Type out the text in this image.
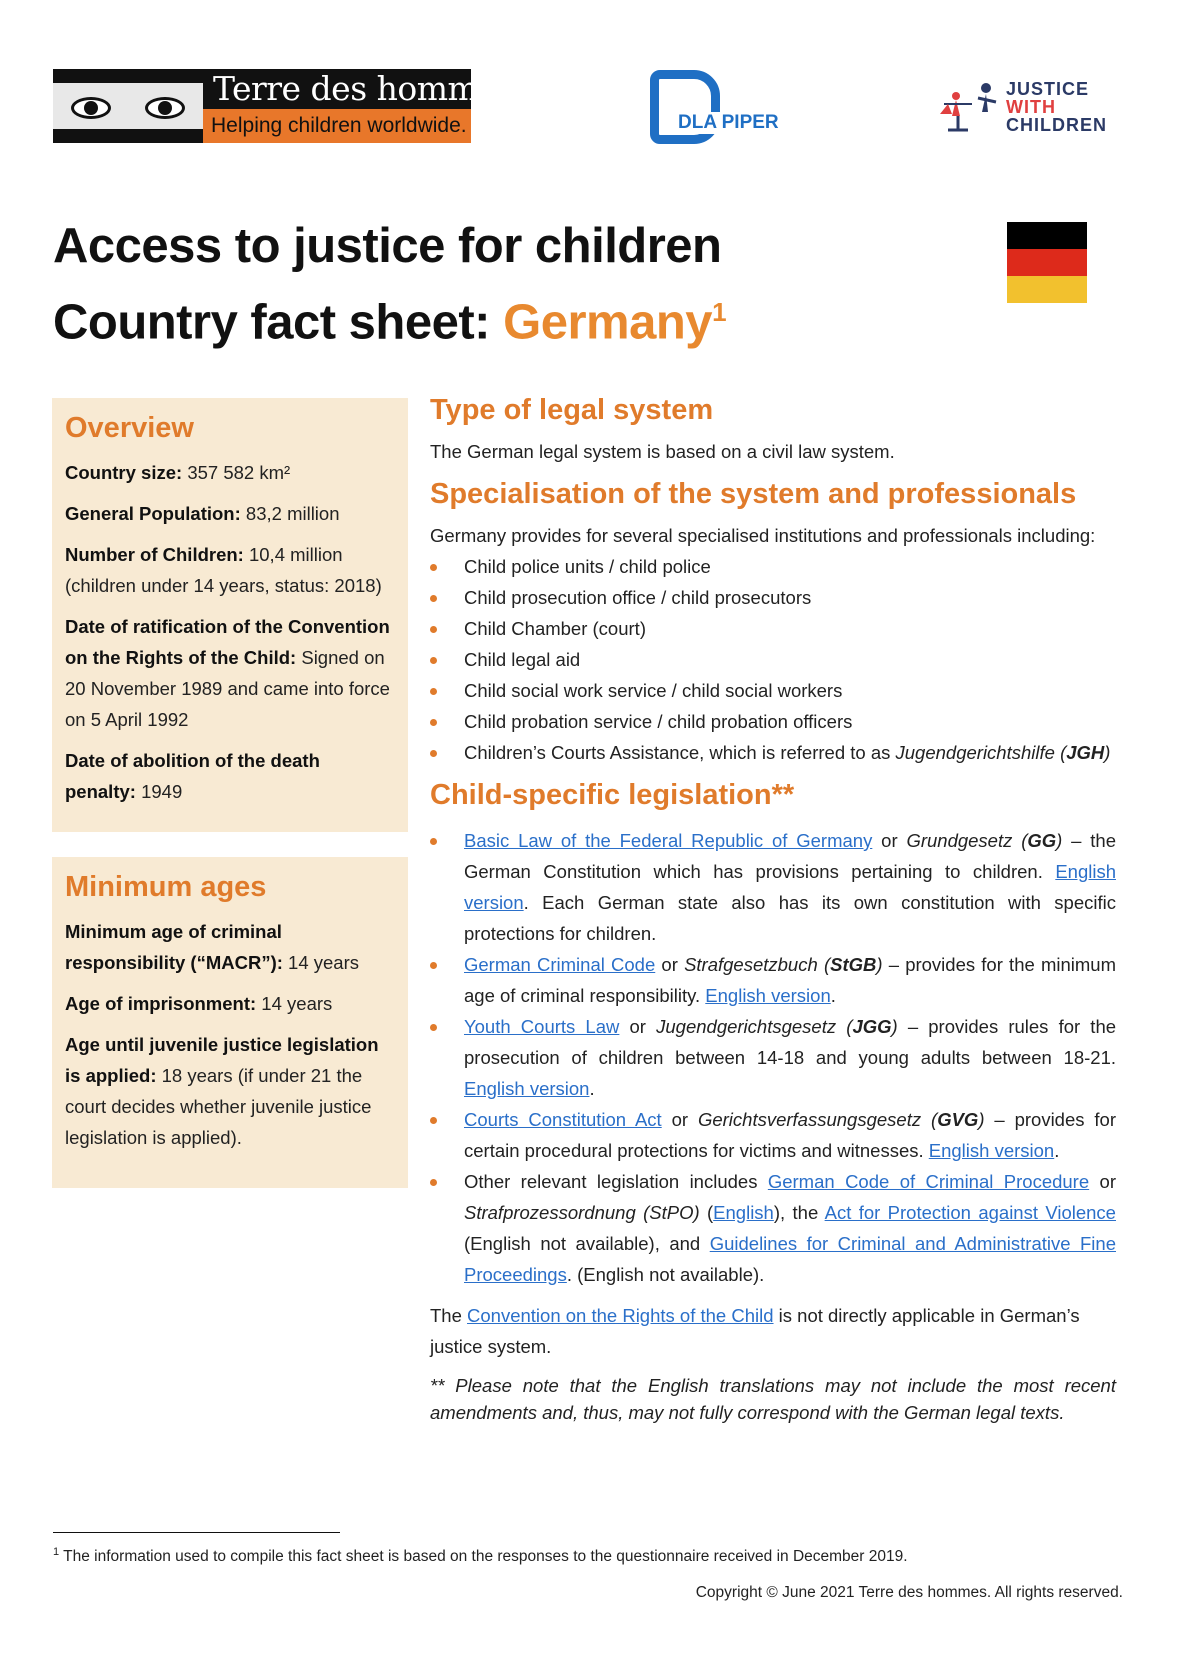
Terre des hommes
Helping children worldwide.	DLA PIPER
JUSTICE
WITH
CHILDREN
Access to justice for children
Country fact sheet: Germany$^1$
Overview

Country size: 357 582 km²

General Population: 83,2 million

Number of Children: 10,4 million (children under 14 years, status: 2018)

Date of ratification of the Convention on the Rights of the Child: Signed on 20 November 1989 and came into force on 5 April 1992

Date of abolition of the death penalty: 1949

Minimum ages

Minimum age of criminal responsibility (“MACR”): 14 years

Age of imprisonment: 14 years

Age until juvenile justice legislation is applied: 18 years (if under 21 the court decides whether juvenile justice legislation is applied).

Type of legal system

The German legal system is based on a civil law system.

Specialisation of the system and professionals

Germany provides for several specialised institutions and professionals including:

Child police units / child police
Child prosecution office / child prosecutors
Child Chamber (court)
Child legal aid
Child social work service / child social workers
Child probation service / child probation officers
Children’s Courts Assistance, which is referred to as Jugendgerichtshilfe (JGH)
Child-specific legislation**
Basic Law of the Federal Republic of Germany or Grundgesetz (GG) – the German Constitution which has provisions pertaining to children. English version. Each German state also has its own constitution with specific protections for children.
German Criminal Code or Strafgesetzbuch (StGB) – provides for the minimum age of criminal responsibility. English version.
Youth Courts Law or Jugendgerichtsgesetz (JGG) – provides rules for the prosecution of children between 14-18 and young adults between 18-21. English version.
Courts Constitution Act or Gerichtsverfassungsgesetz (GVG) – provides for certain procedural protections for victims and witnesses. English version.
Other relevant legislation includes German Code of Criminal Procedure or Strafprozessordnung (StPO) (English), the Act for Protection against Violence (English not available), and Guidelines for Criminal and Administrative Fine Proceedings. (English not available).

The Convention on the Rights of the Child is not directly applicable in German’s justice system.

** Please note that the English translations may not include the most recent amendments and, thus, may not fully correspond with the German legal texts.

$^1$ The information used to compile this fact sheet is based on the responses to the questionnaire received in December 2019.
Copyright © June 2021 Terre des hommes. All rights reserved.
